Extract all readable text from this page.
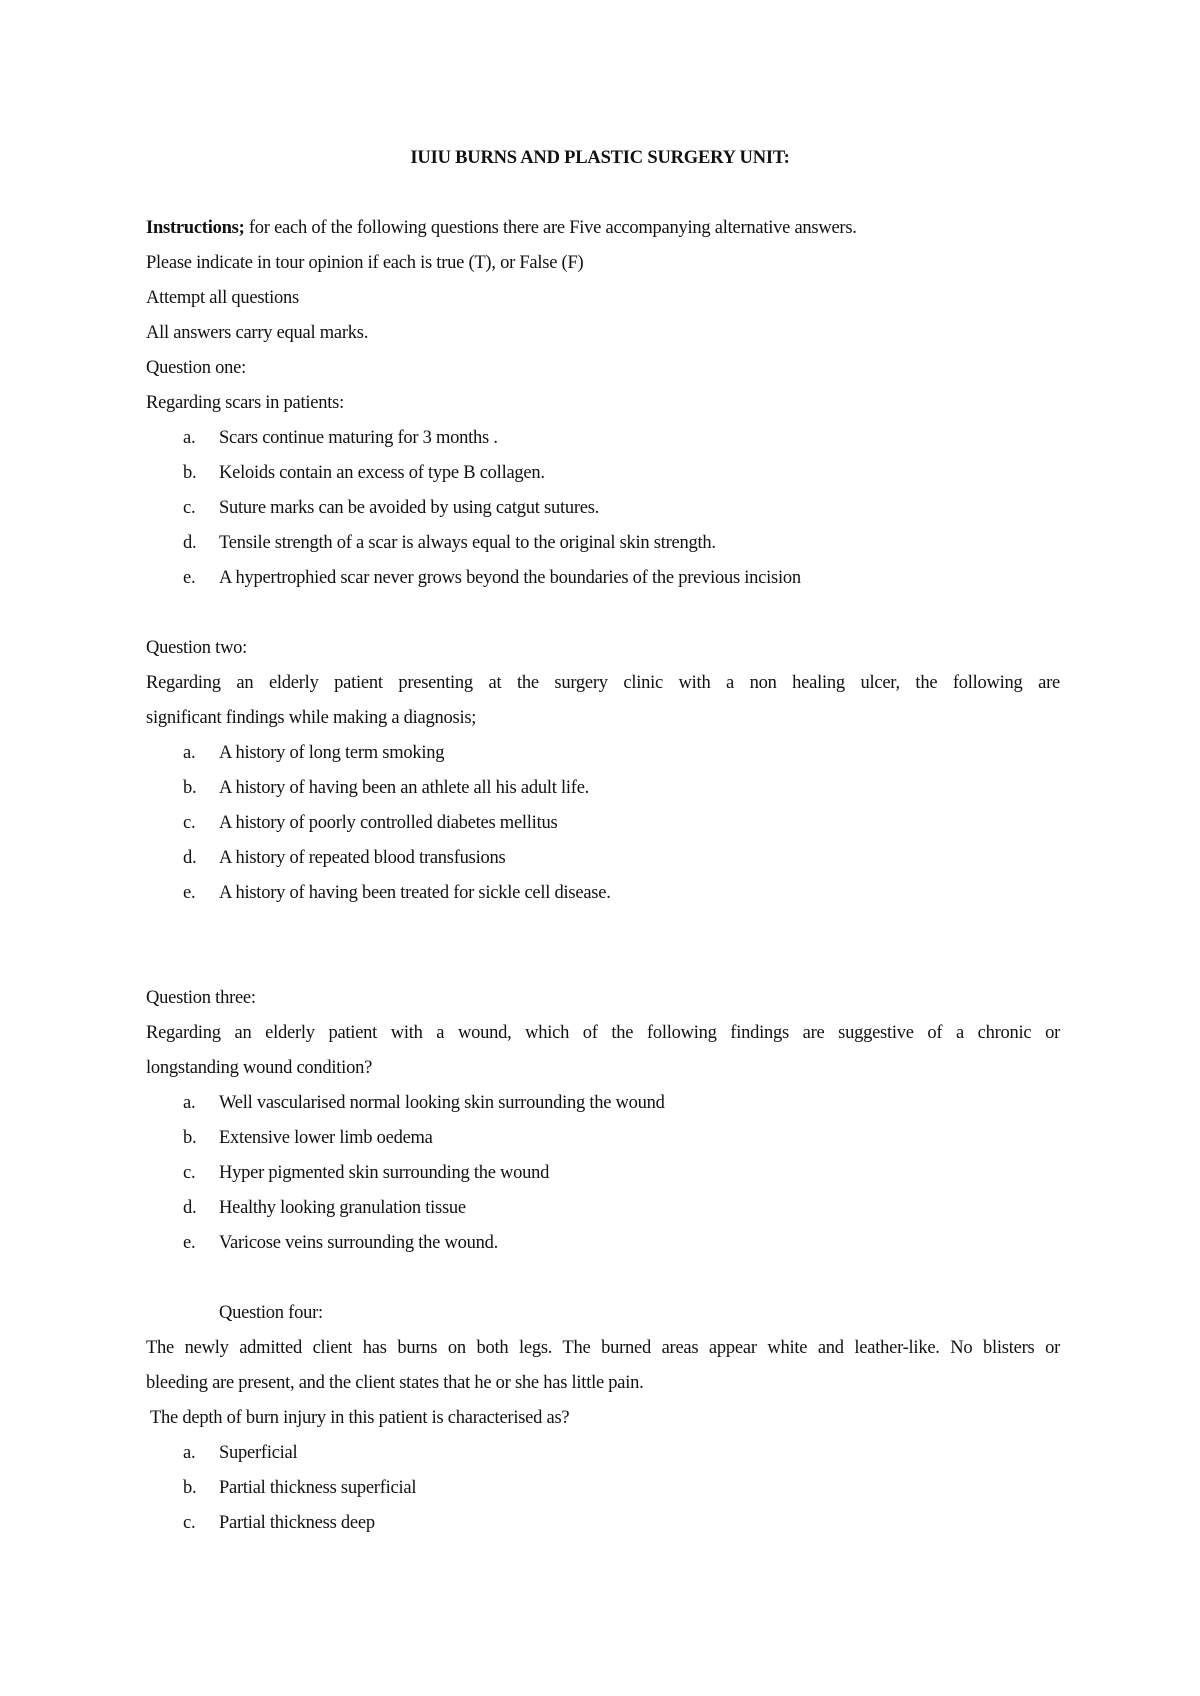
IUIU BURNS AND PLASTIC SURGERY UNIT:
Instructions; for each of the following questions there are Five accompanying alternative answers.
Please indicate in tour opinion if each is true (T), or False (F)
Attempt all questions
All answers carry equal marks.
Question one:
Regarding scars in patients:
a.	Scars continue maturing for 3 months .
b.	Keloids contain an excess of type B collagen.
c.	Suture marks can be avoided by using catgut sutures.
d.	Tensile strength of a scar is always equal to the original skin strength.
e.	A hypertrophied scar never grows beyond the boundaries of the previous incision
Question two:
Regarding an elderly patient presenting at the surgery clinic with a non healing ulcer, the following are
significant findings while making a diagnosis;
a.	A history of long term smoking
b.	A history of having been an athlete all his adult life.
c.	A history of poorly controlled diabetes mellitus
d.	A history of repeated blood transfusions
e.	A history of having been treated for sickle cell disease.
Question three:
Regarding an elderly patient with a wound, which of the following findings are suggestive of a chronic or
longstanding wound condition?
a.	Well vascularised normal looking skin surrounding the wound
b.	Extensive lower limb oedema
c.	Hyper pigmented skin surrounding the wound
d.	Healthy looking granulation tissue
e.	Varicose veins surrounding the wound.
Question four:
The newly admitted client has burns on both legs. The burned areas appear white and leather-like. No blisters or
bleeding are present, and the client states that he or she has little pain.
The depth of burn injury in this patient is characterised as?
a.	Superficial
b.	Partial thickness superficial
c.	Partial thickness deep
